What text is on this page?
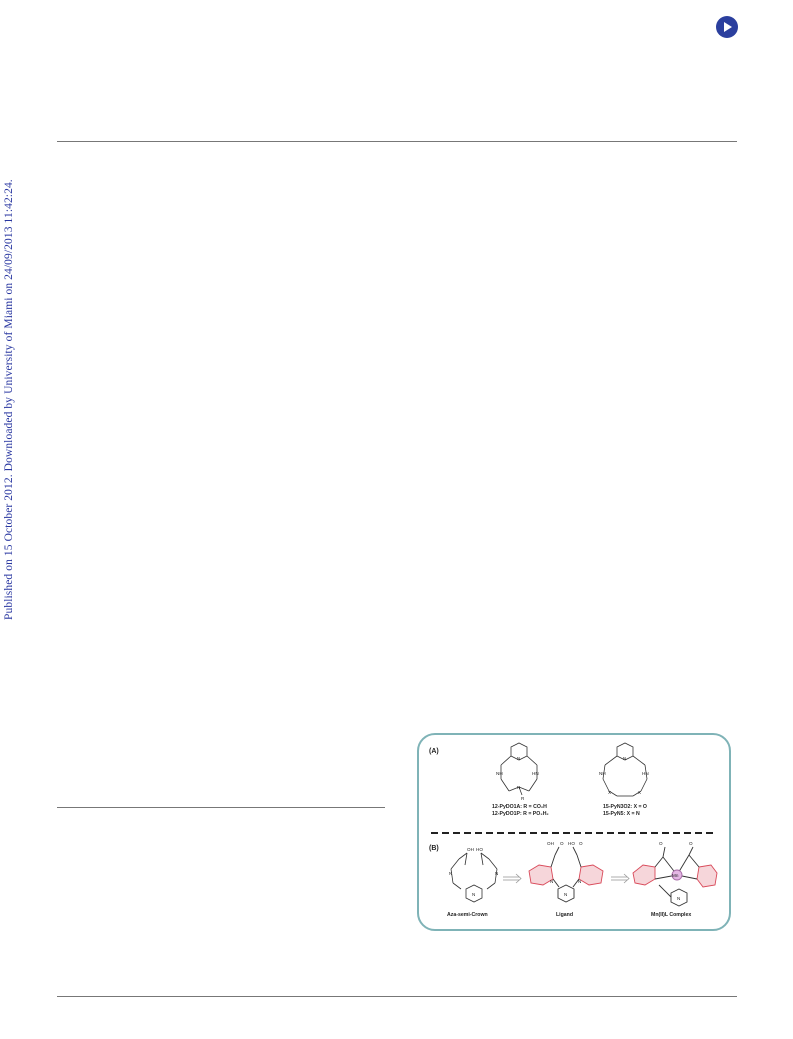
Published on 15 October 2012. Downloaded by University of Miami on 24/09/2013 11:42:24.
(A)
(B)
N
NH	HN
N
R
12-PyDO1A: R = CO₂H
12-PyDO1P: R = PO₃H₂
N
NH	HN
X	X
15-PyN3O2: X = O
15-PyN5: X = N
OH HO
N	N
N
Aza-semi-Crown
OH O HO O
N	N
N
Ligand
O	O
Mn
N
Mn(II)L Complex
